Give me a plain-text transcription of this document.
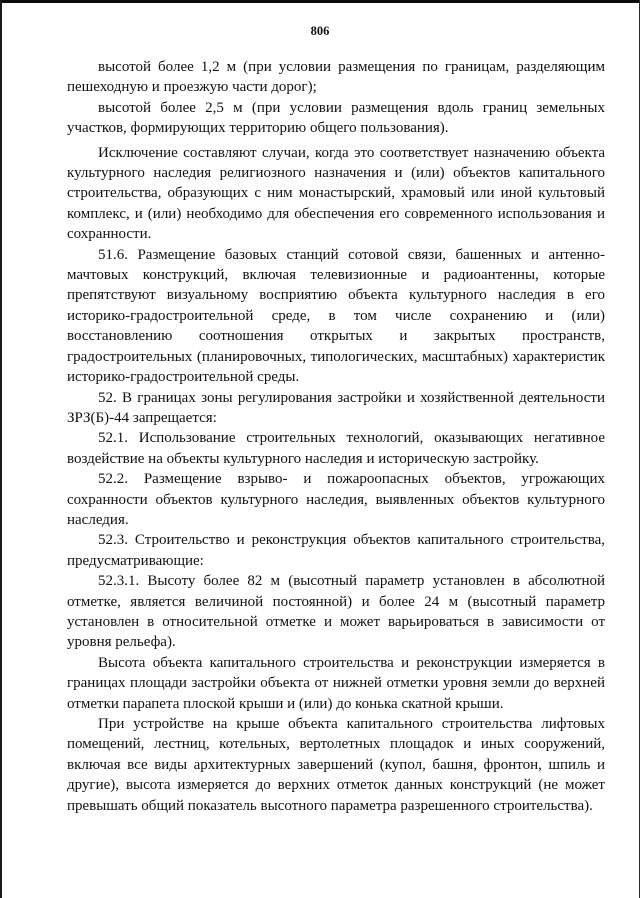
806

высотой более 1,2 м (при условии размещения по границам, разделяющим пешеходную и проезжую части дорог);

высотой более 2,5 м (при условии размещения вдоль границ земельных участков, формирующих территорию общего пользования).

Исключение составляют случаи, когда это соответствует назначению объекта культурного наследия религиозного назначения и (или) объектов капитального строительства, образующих с ним монастырский, храмовый или иной культовый комплекс, и (или) необходимо для обеспечения его современного использования и сохранности.

51.6. Размещение базовых станций сотовой связи, башенных и антенно-мачтовых конструкций, включая телевизионные и радиоантенны, которые препятствуют визуальному восприятию объекта культурного наследия в его историко-градостроительной среде, в том числе сохранению и (или) восстановлению соотношения открытых и закрытых пространств, градостроительных (планировочных, типологических, масштабных) характеристик историко-градостроительной среды.

52. В границах зоны регулирования застройки и хозяйственной деятельности ЗРЗ(Б)-44 запрещается:

52.1. Использование строительных технологий, оказывающих негативное воздействие на объекты культурного наследия и историческую застройку.

52.2. Размещение взрыво- и пожароопасных объектов, угрожающих сохранности объектов культурного наследия, выявленных объектов культурного наследия.

52.3. Строительство и реконструкция объектов капитального строительства, предусматривающие:

52.3.1. Высоту более 82 м (высотный параметр установлен в абсолютной отметке, является величиной постоянной) и более 24 м (высотный параметр установлен в относительной отметке и может варьироваться в зависимости от уровня рельефа).

Высота объекта капитального строительства и реконструкции измеряется в границах площади застройки объекта от нижней отметки уровня земли до верхней отметки парапета плоской крыши и (или) до конька скатной крыши.

При устройстве на крыше объекта капитального строительства лифтовых помещений, лестниц, котельных, вертолетных площадок и иных сооружений, включая все виды архитектурных завершений (купол, башня, фронтон, шпиль и другие), высота измеряется до верхних отметок данных конструкций (не может превышать общий показатель высотного параметра разрешенного строительства).
